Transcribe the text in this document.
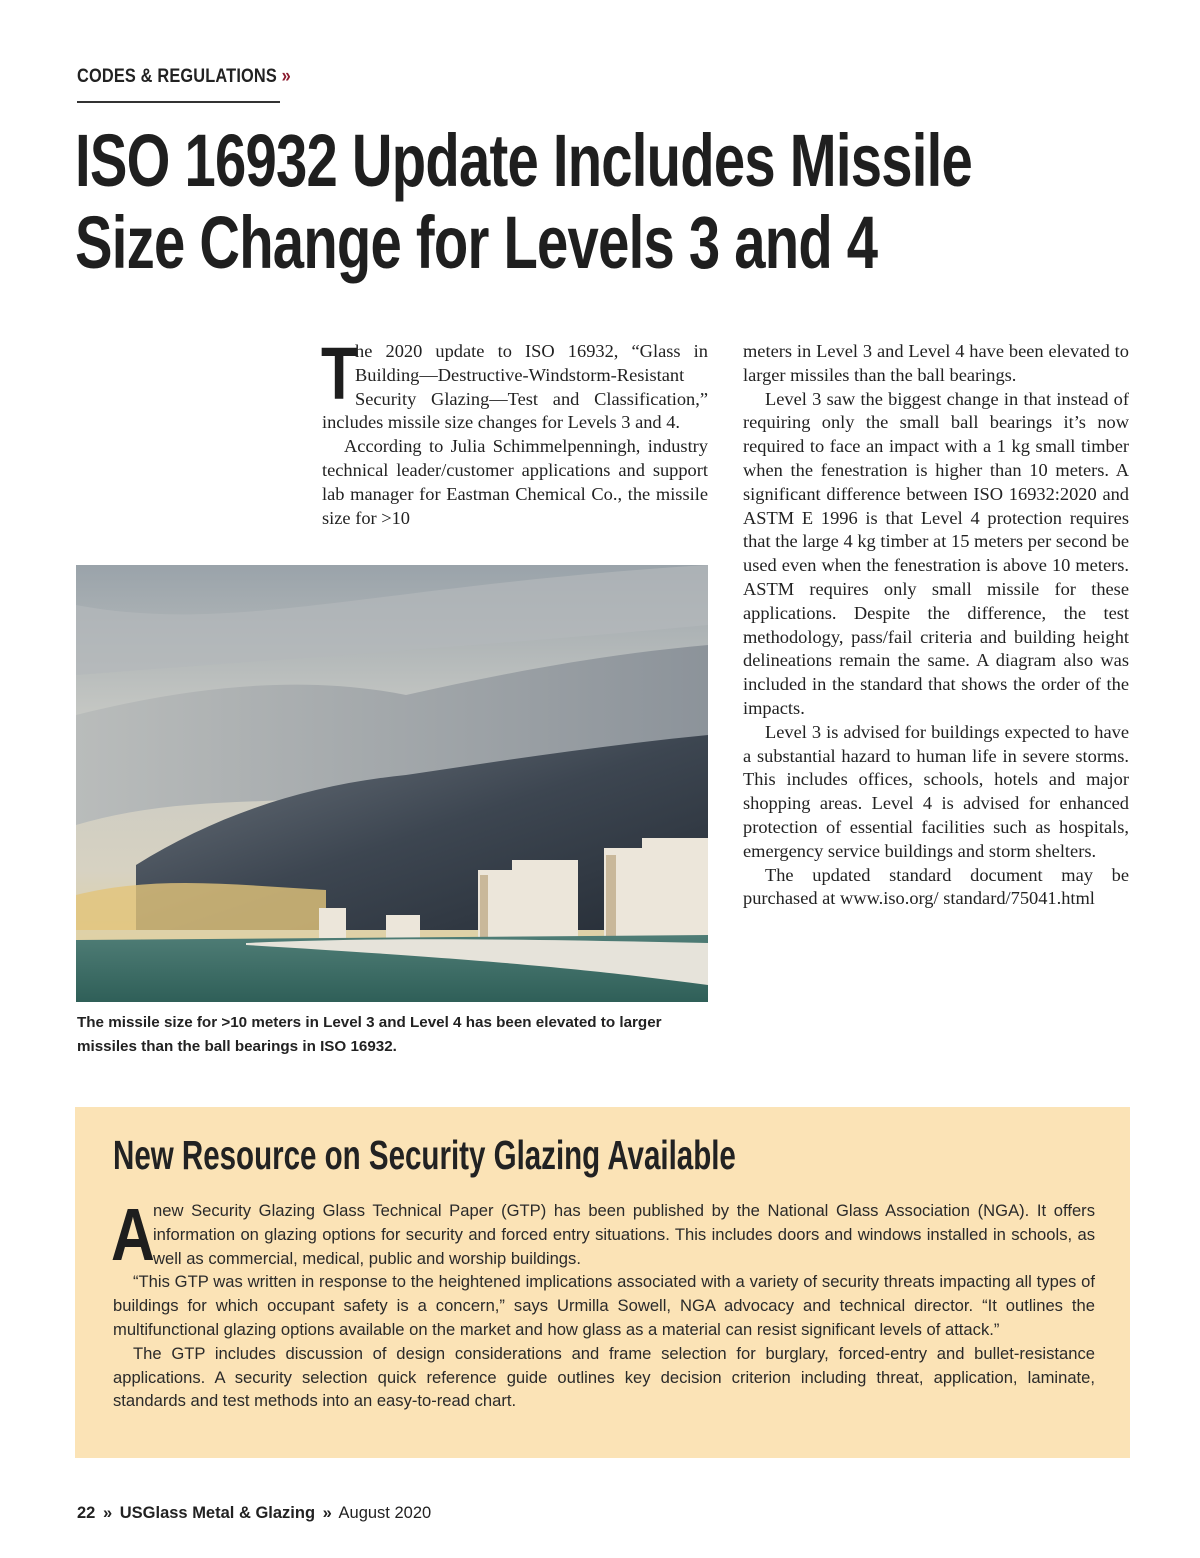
CODES & REGULATIONS »
ISO 16932 Update Includes Missile
Size Change for Levels 3 and 4

T
he 2020 update to ISO 16932, “Glass in Building—Destructive-Windstorm-Resistant Security Glazing—Test and Classification,” includes missile size changes for Levels 3 and 4.

According to Julia Schimmelpenningh, industry technical leader/customer applications and support lab manager for Eastman Chemical Co., the missile size for >10

meters in Level 3 and Level 4 have been elevated to larger missiles than the ball bearings.

Level 3 saw the biggest change in that instead of requiring only the small ball bearings it’s now required to face an impact with a 1 kg small timber when the fenestration is higher than 10 meters. A significant difference between ISO 16932:2020 and ASTM E 1996 is that Level 4 protection requires that the large 4 kg timber at 15 meters per second be used even when the fenestration is above 10 meters. ASTM requires only small missile for these applications. Despite the difference, the test methodology, pass/fail criteria and building height delineations remain the same. A diagram also was included in the standard that shows the order of the impacts.

Level 3 is advised for buildings expected to have a substantial hazard to human life in severe storms. This includes offices, schools, hotels and major shopping areas. Level 4 is advised for enhanced protection of essential facilities such as hospitals, emergency service buildings and storm shelters.

The updated standard document may be purchased at www.iso.org/ standard/75041.html

The missile size for >10 meters in Level 3 and Level 4 has been elevated to larger missiles than the ball bearings in ISO 16932.
New Resource on Security Glazing Available

A
new Security Glazing Glass Technical Paper (GTP) has been published by the National Glass Association (NGA). It offers information on glazing options for security and forced entry situations. This includes doors and windows installed in schools, as well as commercial, medical, public and worship buildings.

“This GTP was written in response to the heightened implications associated with a variety of security threats impacting all types of buildings for which occupant safety is a concern,” says Urmilla Sowell, NGA advocacy and technical director. “It outlines the multifunctional glazing options available on the market and how glass as a material can resist significant levels of attack.”

The GTP includes discussion of design considerations and frame selection for burglary, forced-entry and bullet-resistance applications. A security selection quick reference guide outlines key decision criterion including threat, application, laminate, standards and test methods into an easy-to-read chart.

22 » USGlass Metal & Glazing » August 2020
